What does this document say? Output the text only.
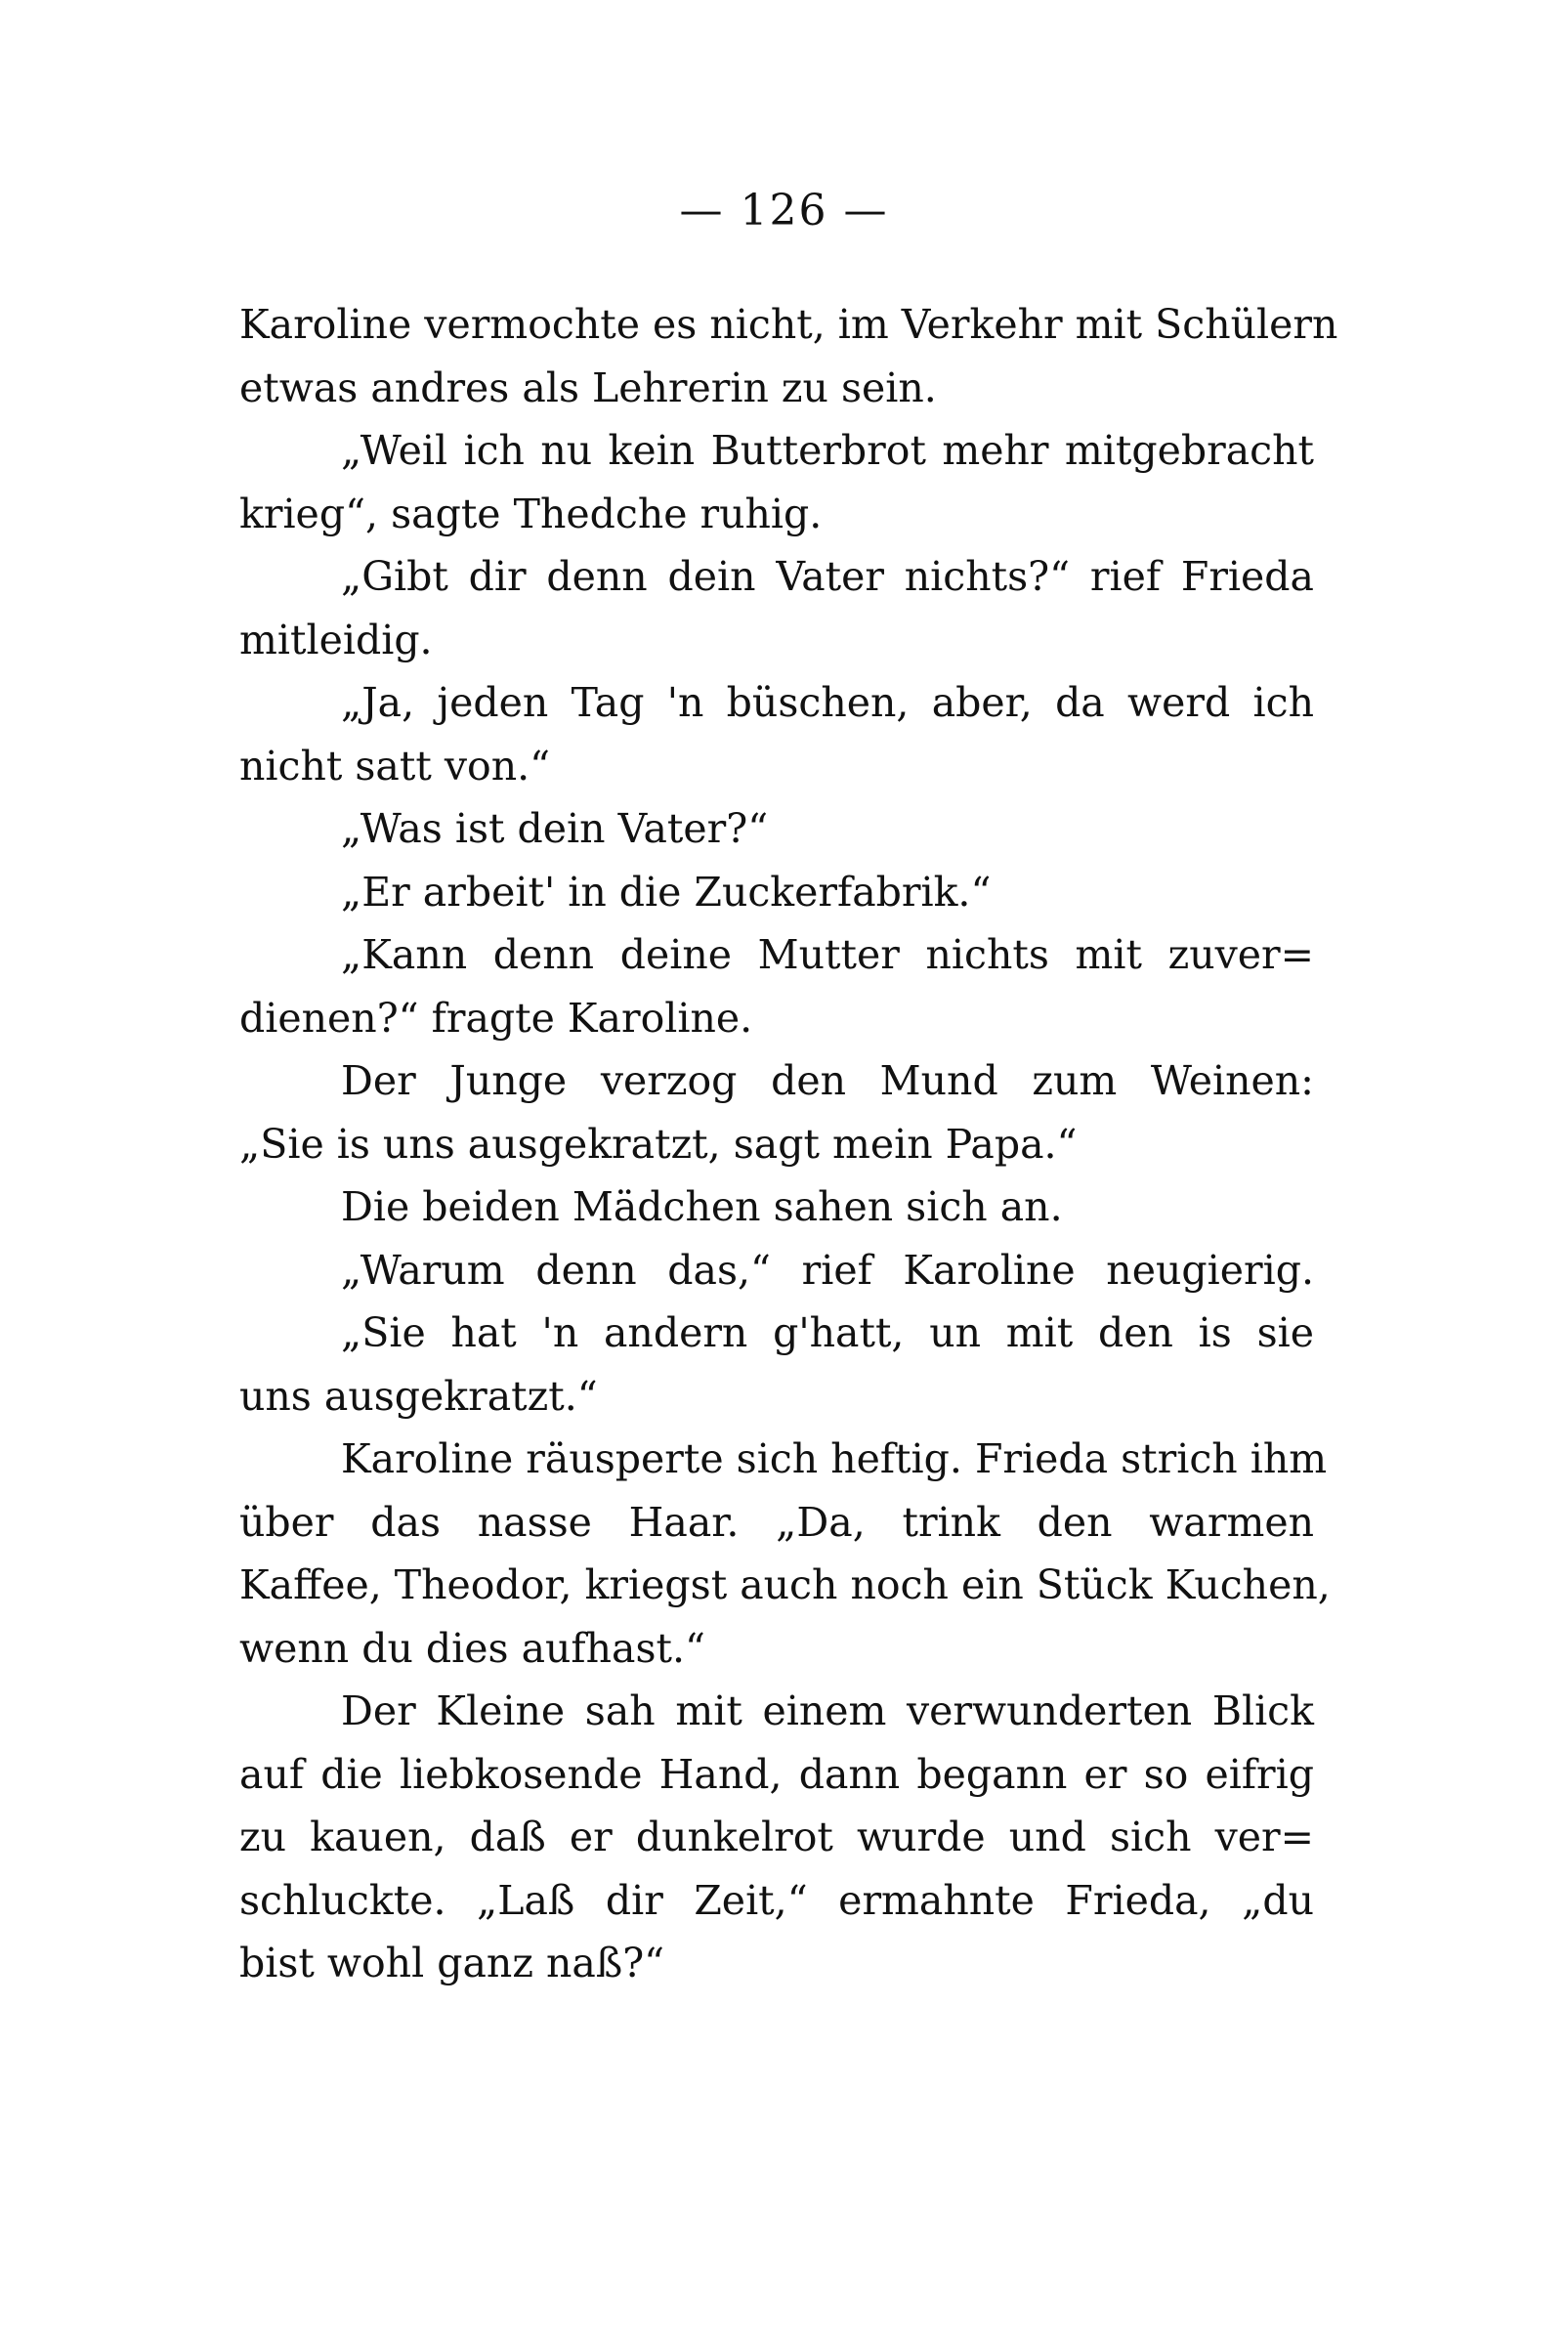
— 126 —
Karoline vermochte es nicht, im Verkehr mit Schülern
etwas andres als Lehrerin zu sein.
„Weil ich nu kein Butterbrot mehr mitgebracht
krieg“, sagte Thedche ruhig.
„Gibt dir denn dein Vater nichts?“ rief Frieda
mitleidig.
„Ja, jeden Tag 'n büschen, aber, da werd ich
nicht satt von.“
„Was ist dein Vater?“
„Er arbeit' in die Zuckerfabrik.“
„Kann denn deine Mutter nichts mit zuver=
dienen?“ fragte Karoline.
Der Junge verzog den Mund zum Weinen:
„Sie is uns ausgekratzt, sagt mein Papa.“
Die beiden Mädchen sahen sich an.
„Warum denn das,“ rief Karoline neugierig.
„Sie hat 'n andern g'hatt, un mit den is sie
uns ausgekratzt.“
Karoline räusperte sich heftig. Frieda strich ihm
über das nasse Haar. „Da, trink den warmen
Kaffee, Theodor, kriegst auch noch ein Stück Kuchen,
wenn du dies aufhast.“
Der Kleine sah mit einem verwunderten Blick
auf die liebkosende Hand, dann begann er so eifrig
zu kauen, daß er dunkelrot wurde und sich ver=
schluckte. „Laß dir Zeit,“ ermahnte Frieda, „du
bist wohl ganz naß?“
